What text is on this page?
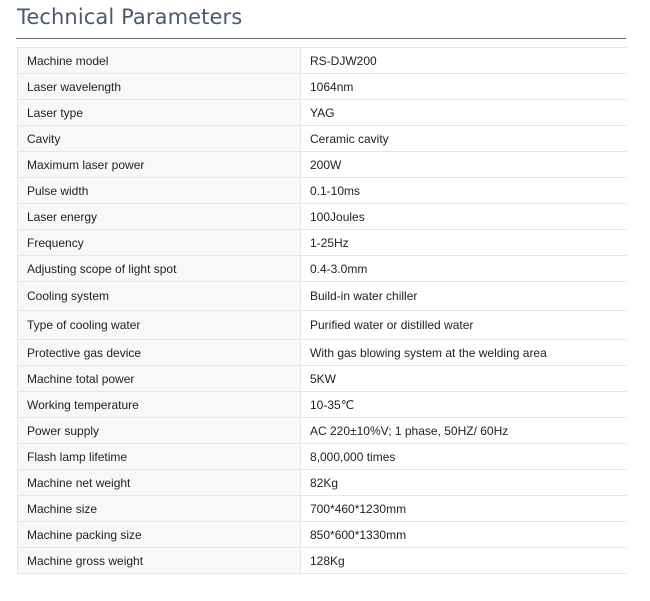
Technical Parameters
Machine model	RS-DJW200
Laser wavelength	1064nm
Laser type	YAG
Cavity	Ceramic cavity
Maximum laser power	200W
Pulse width	0.1-10ms
Laser energy	100Joules
Frequency	1-25Hz
Adjusting scope of light spot	0.4-3.0mm
Cooling system	Build-in water chiller
Type of cooling water	Purified water or distilled water
Protective gas device	With gas blowing system at the welding area
Machine total power	5KW
Working temperature	10-35℃
Power supply	AC 220±10%V; 1 phase, 50HZ/ 60Hz
Flash lamp lifetime	8,000,000 times
Machine net weight	82Kg
Machine size	700*460*1230mm
Machine packing size	850*600*1330mm
Machine gross weight	128Kg
